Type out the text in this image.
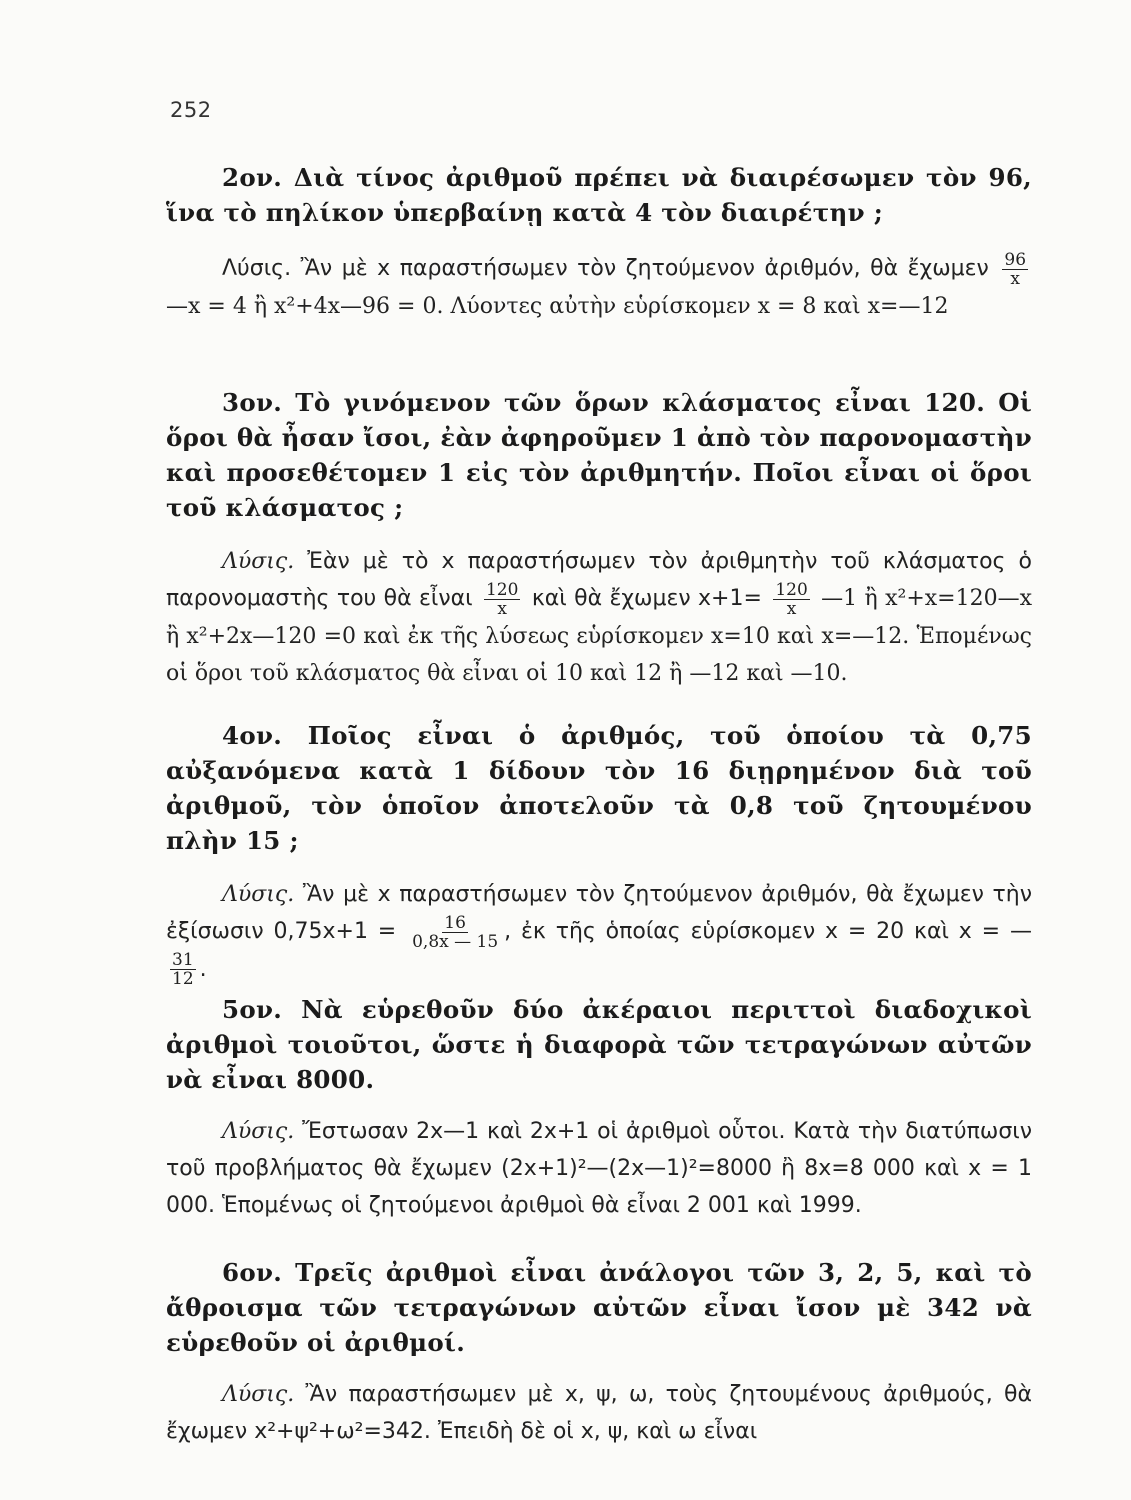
252

2ον. Διὰ τίνος ἀριθμοῦ πρέπει νὰ διαιρέσωμεν τὸν 96, ἵνα τὸ πηλίκον ὑπερβαίνῃ κατὰ 4 τὸν διαιρέτην ;

Λύσις. Ἂν μὲ x παραστήσωμεν τὸν ζητούμενον ἀριθμόν, θὰ ἔχωμεν $\frac{96}{x}$
—x = 4 ἢ x²+4x—96 = 0. Λύοντες αὐτὴν εὑρίσκομεν x = 8 καὶ x=—12

3ον. Τὸ γινόμενον τῶν ὅρων κλάσματος εἶναι 120. Οἱ ὅροι θὰ ἦσαν ἴσοι, ἐὰν ἀφηροῦμεν 1 ἀπὸ τὸν παρονομαστὴν καὶ προσεθέτομεν 1 εἰς τὸν ἀριθμητήν. Ποῖοι εἶναι οἱ ὅροι τοῦ κλάσματος ;

Λύσις. Ἐὰν μὲ τὸ x παραστήσωμεν τὸν ἀριθμητὴν τοῦ κλάσματος ὁ παρονομαστὴς του θὰ εἶναι $\frac{120}{x}$ καὶ θὰ ἔχωμεν $x+1= \frac{120}{x}$ —1 ἢ x²+x=120—x ἢ x²+2x—120 =0 καὶ ἐκ τῆς λύσεως εὑρίσκομεν x=10 καὶ x=—12. Ἑπομένως οἱ ὅροι τοῦ κλάσματος θὰ εἶναι οἱ 10 καὶ 12 ἢ —12 καὶ —10.

4ον. Ποῖος εἶναι ὁ ἀριθμός, τοῦ ὁποίου τὰ 0,75 αὐξανόμενα κατὰ 1 δίδουν τὸν 16 διῃρημένον διὰ τοῦ ἀριθμοῦ, τὸν ὁποῖον ἀποτελοῦν τὰ 0,8 τοῦ ζητουμένου πλὴν 15 ;

Λύσις. Ἂν μὲ x παραστήσωμεν τὸν ζητούμενον ἀριθμόν, θὰ ἔχωμεν τὴν ἐξίσωσιν $0,75x+1 = \frac{16}{0,8x — 15}$ , ἐκ τῆς ὁποίας εὑρίσκομεν x = 20 καὶ x = —
$\frac{31}{12}$ .

5ον. Νὰ εὑρεθοῦν δύο ἀκέραιοι περιττοὶ διαδοχικοὶ ἀριθμοὶ τοιοῦτοι, ὥστε ἡ διαφορὰ τῶν τετραγώνων αὐτῶν νὰ εἶναι 8000.

Λύσις. Ἔστωσαν 2x—1 καὶ 2x+1 οἱ ἀριθμοὶ οὗτοι. Κατὰ τὴν διατύπωσιν τοῦ προβλήματος θὰ ἔχωμεν (2x+1)²—(2x—1)²=8000 ἢ 8x=8 000 καὶ x = 1 000. Ἑπομένως οἱ ζητούμενοι ἀριθμοὶ θὰ εἶναι 2 001 καὶ 1999.

6ον. Τρεῖς ἀριθμοὶ εἶναι ἀνάλογοι τῶν 3, 2, 5, καὶ τὸ ἄθροισμα τῶν τετραγώνων αὐτῶν εἶναι ἴσον μὲ 342 νὰ εὑρεθοῦν οἱ ἀριθμοί.

Λύσις. Ἂν παραστήσωμεν μὲ x, ψ, ω, τοὺς ζητουμένους ἀριθμούς, θὰ ἔχωμεν x²+ψ²+ω²=342. Ἐπειδὴ δὲ οἱ x, ψ, καὶ ω εἶναι
